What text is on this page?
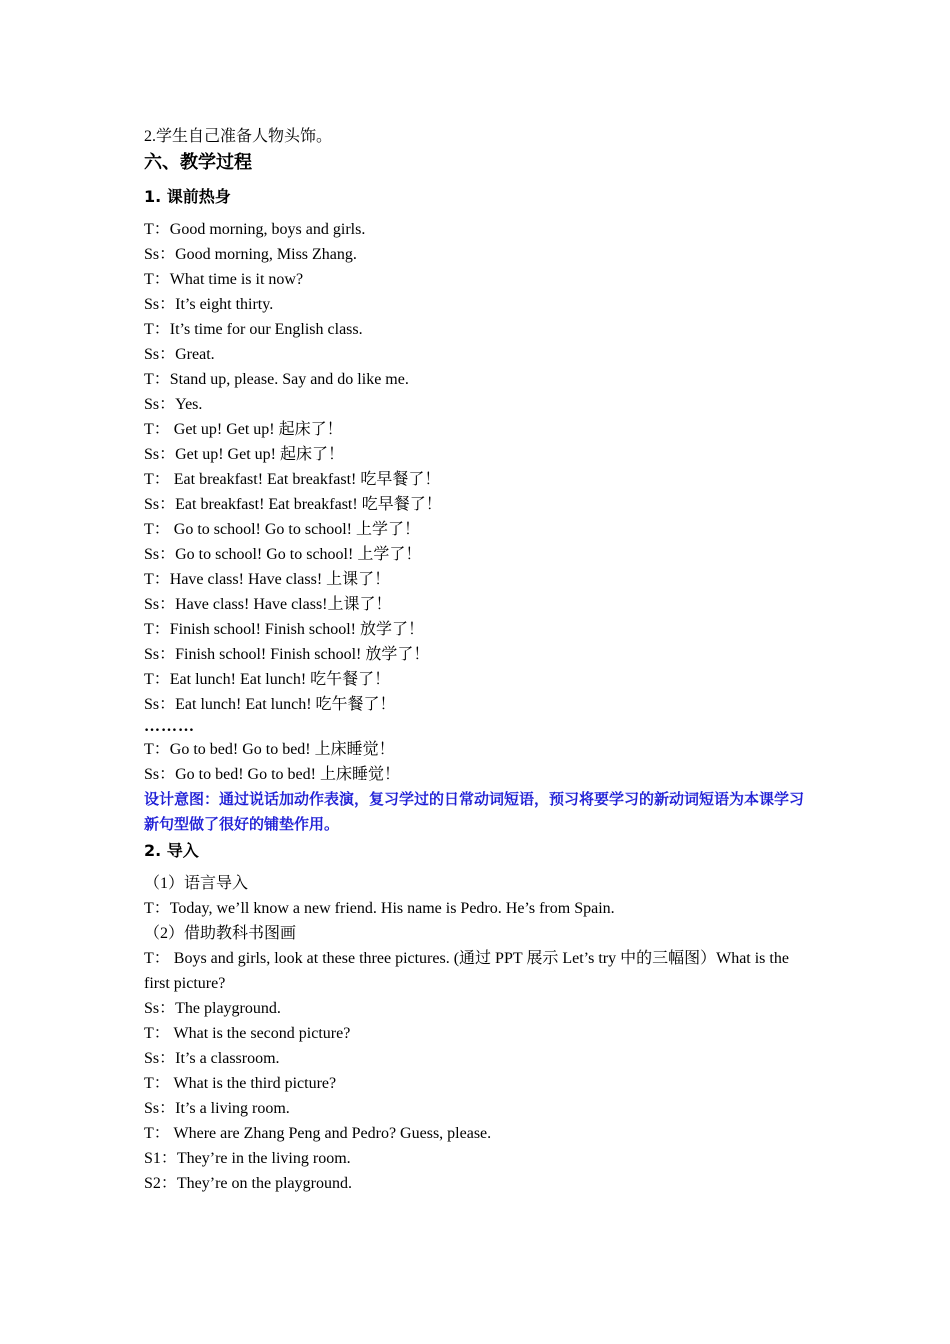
2.学生自己准备人物头饰。
六、教学过程
1. 课前热身
T：Good morning, boys and girls.
Ss：Good morning, Miss Zhang.
T：What time is it now?
Ss：It’s eight thirty.
T：It’s time for our English class.
Ss：Great.
T：Stand up, please. Say and do like me.
Ss：Yes.
T： Get up! Get up! 起床了！
Ss：Get up! Get up! 起床了！
T： Eat breakfast! Eat breakfast! 吃早餐了！
Ss：Eat breakfast! Eat breakfast! 吃早餐了！
T： Go to school! Go to school! 上学了！
Ss：Go to school! Go to school! 上学了！
T：Have class! Have class! 上课了！
Ss：Have class! Have class!上课了！
T：Finish school! Finish school! 放学了！
Ss：Finish school! Finish school! 放学了！
T：Eat lunch! Eat lunch! 吃午餐了！
Ss：Eat lunch! Eat lunch! 吃午餐了！
………
T：Go to bed! Go to bed! 上床睡觉！
Ss：Go to bed! Go to bed! 上床睡觉！
设计意图：通过说话加动作表演，复习学过的日常动词短语，预习将要学习的新动词短语为本课学习新句型做了很好的铺垫作用。
2. 导入
（1）语言导入
T：Today, we’ll know a new friend. His name is Pedro. He’s from Spain.
（2）借助教科书图画
T： Boys and girls, look at these three pictures. (通过 PPT 展示 Let’s try 中的三幅图）What is the first picture?
Ss：The playground.
T： What is the second picture?
Ss：It’s a classroom.
T： What is the third picture?
Ss：It’s a living room.
T： Where are Zhang Peng and Pedro? Guess, please.
S1：They’re in the living room.
S2：They’re on the playground.
